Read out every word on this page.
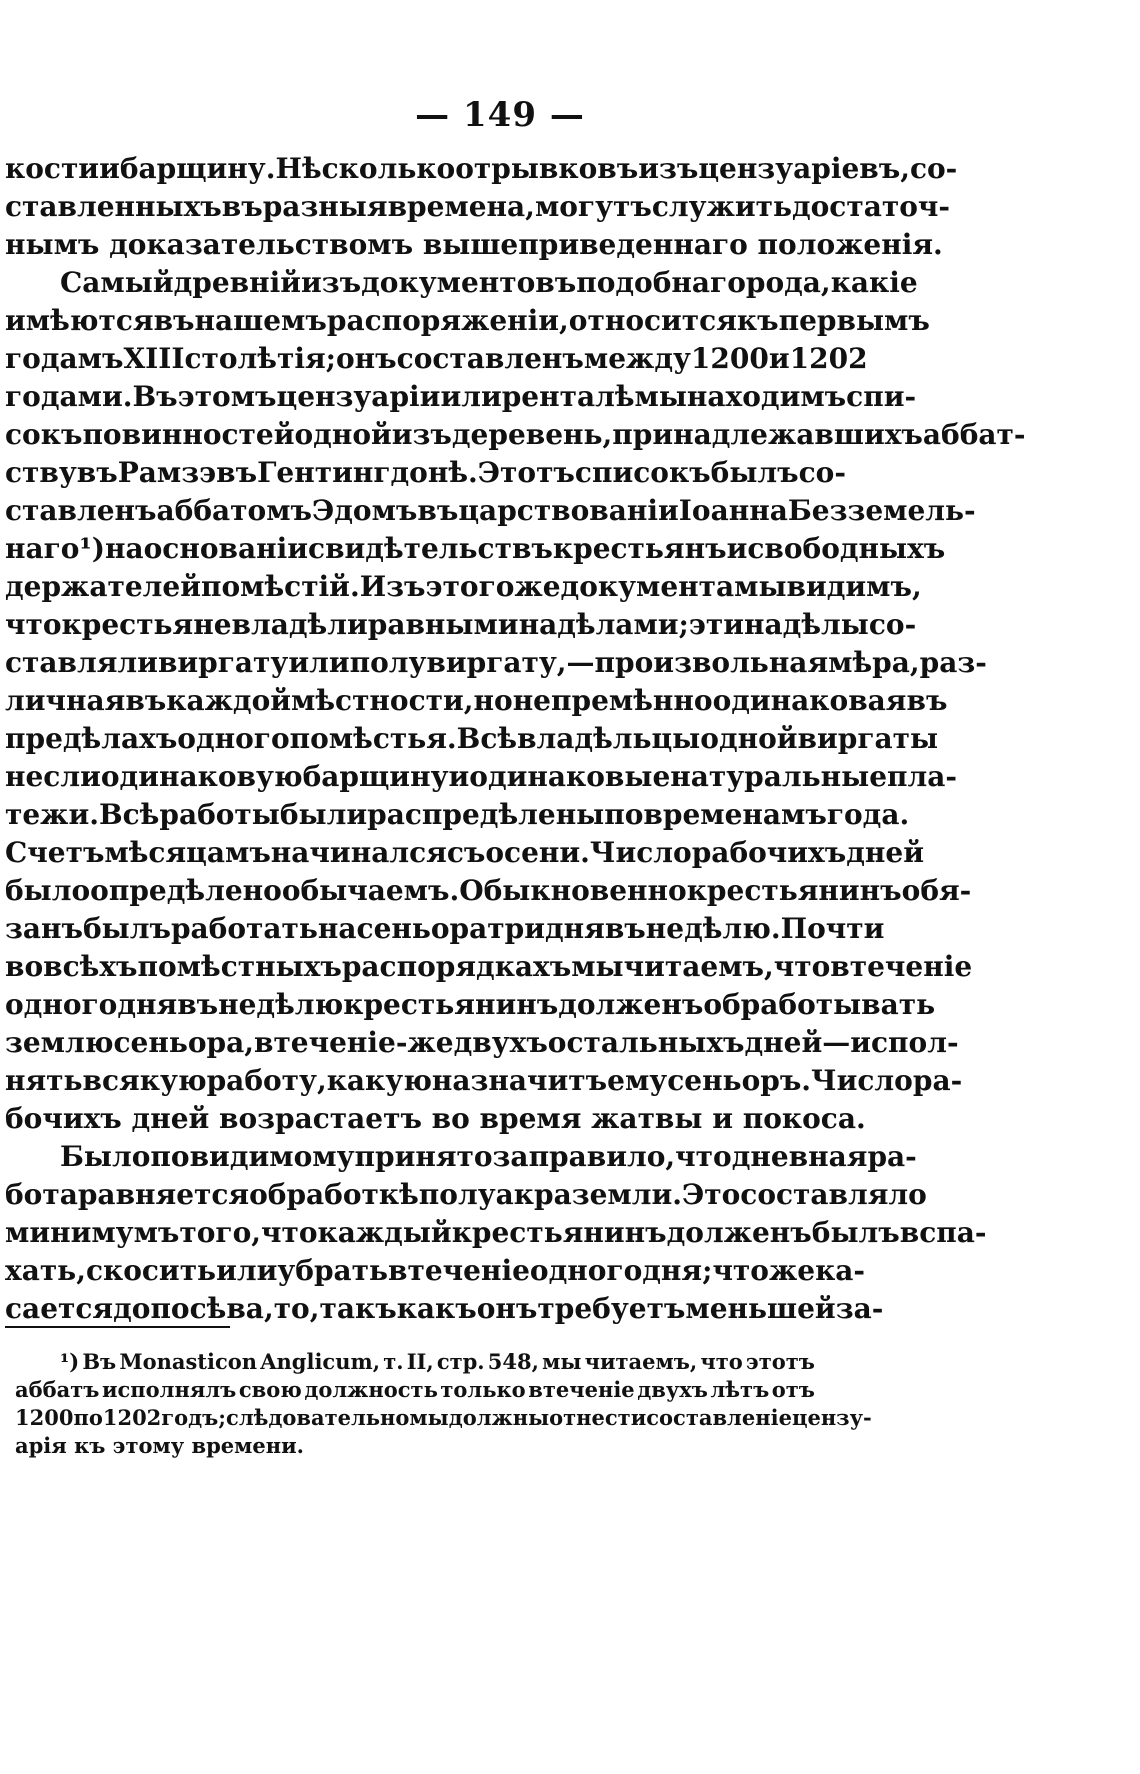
— 149 —
кости и барщину. Нѣсколько отрывковъ изъ цензуаріевъ, со-
ставленныхъ въ разныя времена, могутъ служить достаточ-
нымъ доказательствомъ вышеприведеннаго положенія.
Самый древній изъ документовъ подобнаго рода, какіе
имѣются въ нашемъ распоряженіи, относится къ первымъ
годамъ XIII столѣтія; онъ составленъ между 1200 и 1202
годами. Въ этомъ цензуаріи или ренталѣ мы находимъ спи-
сокъ повинностей одной изъ деревень, принадлежавшихъ аббат-
ству въ Рамзэ въ Гентингдонѣ. Этотъ списокъ былъ со-
ставленъ аббатомъ Эдомъ въ царствованіи Іоанна Безземель-
наго¹) на основаніи свидѣтельствъ крестьянъ и свободныхъ
держателей помѣстій. Изъ этого же документа мы видимъ,
что крестьяне владѣли равными надѣлами; эти надѣлы со-
ставляли виргату или полувиргату,—произвольная мѣра, раз-
личная въ каждой мѣстности, но непремѣнно одинаковая въ
предѣлахъ одного помѣстья. Всѣ владѣльцы одной виргаты
несли одинаковую барщину и одинаковые натуральные пла-
тежи. Всѣ работы были распредѣлены по временамъ года.
Счетъ мѣсяцамъ начинался съ осени. Число рабочихъ дней
было опредѣлено обычаемъ. Обыкновенно крестьянинъ обя-
занъ былъ работать на сеньора три дня въ недѣлю. Почти
во всѣхъ помѣстныхъ распорядкахъ мы читаемъ, что втеченіе
одного дня въ недѣлю крестьянинъ долженъ обработывать
землю сеньора, втеченіе-же двухъ остальныхъ дней—испол-
нять всякую работу, какую назначитъ ему сеньоръ. Число ра-
бочихъ дней возрастаетъ во время жатвы и покоса.
Было повидимому принято за правило, что дневная ра-
бота равняется обработкѣ полуакра земли. Это составляло
минимумъ того, что каждый крестьянинъ долженъ былъ вспа-
хать, скосить или убрать втеченіе одного дня; что же ка-
сается до посѣва, то, такъ какъ онъ требуетъ меньшей за-
¹) Въ Monasticon Anglicum, т. II, стр. 548, мы читаемъ, что этотъ
аббатъ исполнялъ свою должность только втеченіе двухъ лѣтъ отъ
1200 по 1202 годъ; слѣдовательно мы должны отнести составленіе цензу-
арія къ этому времени.
